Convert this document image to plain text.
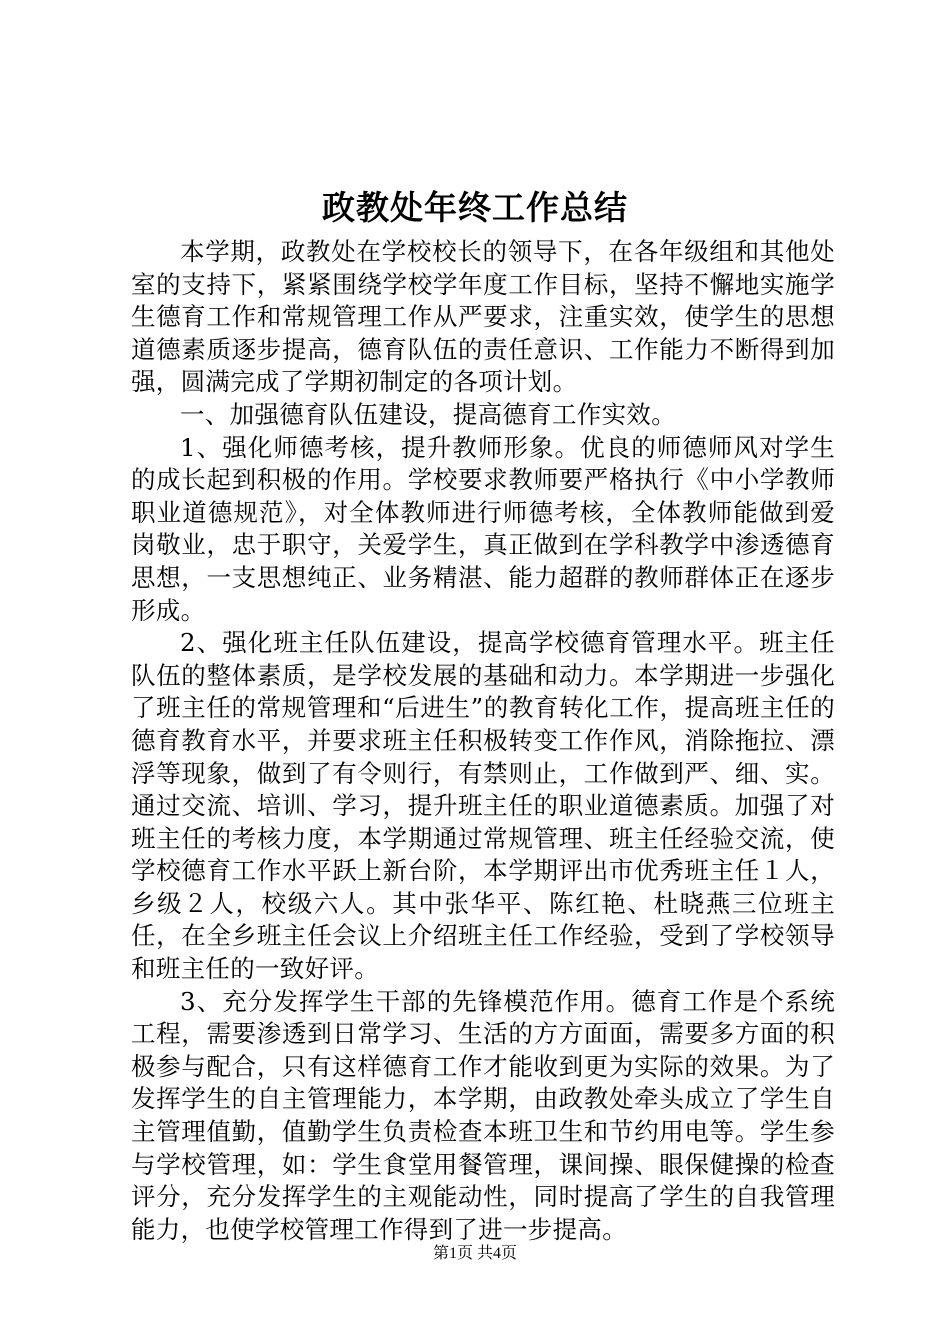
政教处年终工作总结

本学期，政教处在学校校长的领导下，在各年级组和其他处室的支持下，紧紧围绕学校学年度工作目标，坚持不懈地实施学生德育工作和常规管理工作从严要求，注重实效，使学生的思想道德素质逐步提高，德育队伍的责任意识、工作能力不断得到加强，圆满完成了学期初制定的各项计划。

一、加强德育队伍建设，提高德育工作实效。

1、强化师德考核，提升教师形象。优良的师德师风对学生的成长起到积极的作用。学校要求教师要严格执行《中小学教师职业道德规范》，对全体教师进行师德考核，全体教师能做到爱岗敬业，忠于职守，关爱学生，真正做到在学科教学中渗透德育思想，一支思想纯正、业务精湛、能力超群的教师群体正在逐步形成。

2、强化班主任队伍建设，提高学校德育管理水平。班主任队伍的整体素质，是学校发展的基础和动力。本学期进一步强化了班主任的常规管理和“后进生”的教育转化工作，提高班主任的德育教育水平，并要求班主任积极转变工作作风，消除拖拉、漂浮等现象，做到了有令则行，有禁则止，工作做到严、细、实。通过交流、培训、学习，提升班主任的职业道德素质。加强了对班主任的考核力度，本学期通过常规管理、班主任经验交流，使学校德育工作水平跃上新台阶，本学期评出市优秀班主任１人，乡级２人，校级六人。其中张华平、陈红艳、杜晓燕三位班主任，在全乡班主任会议上介绍班主任工作经验，受到了学校领导和班主任的一致好评。

3、充分发挥学生干部的先锋模范作用。德育工作是个系统工程，需要渗透到日常学习、生活的方方面面，需要多方面的积极参与配合，只有这样德育工作才能收到更为实际的效果。为了发挥学生的自主管理能力，本学期，由政教处牵头成立了学生自主管理值勤，值勤学生负责检查本班卫生和节约用电等。学生参与学校管理，如：学生食堂用餐管理，课间操、眼保健操的检查评分，充分发挥学生的主观能动性，同时提高了学生的自我管理能力，也使学校管理工作得到了进一步提高。

第1页 共4页
